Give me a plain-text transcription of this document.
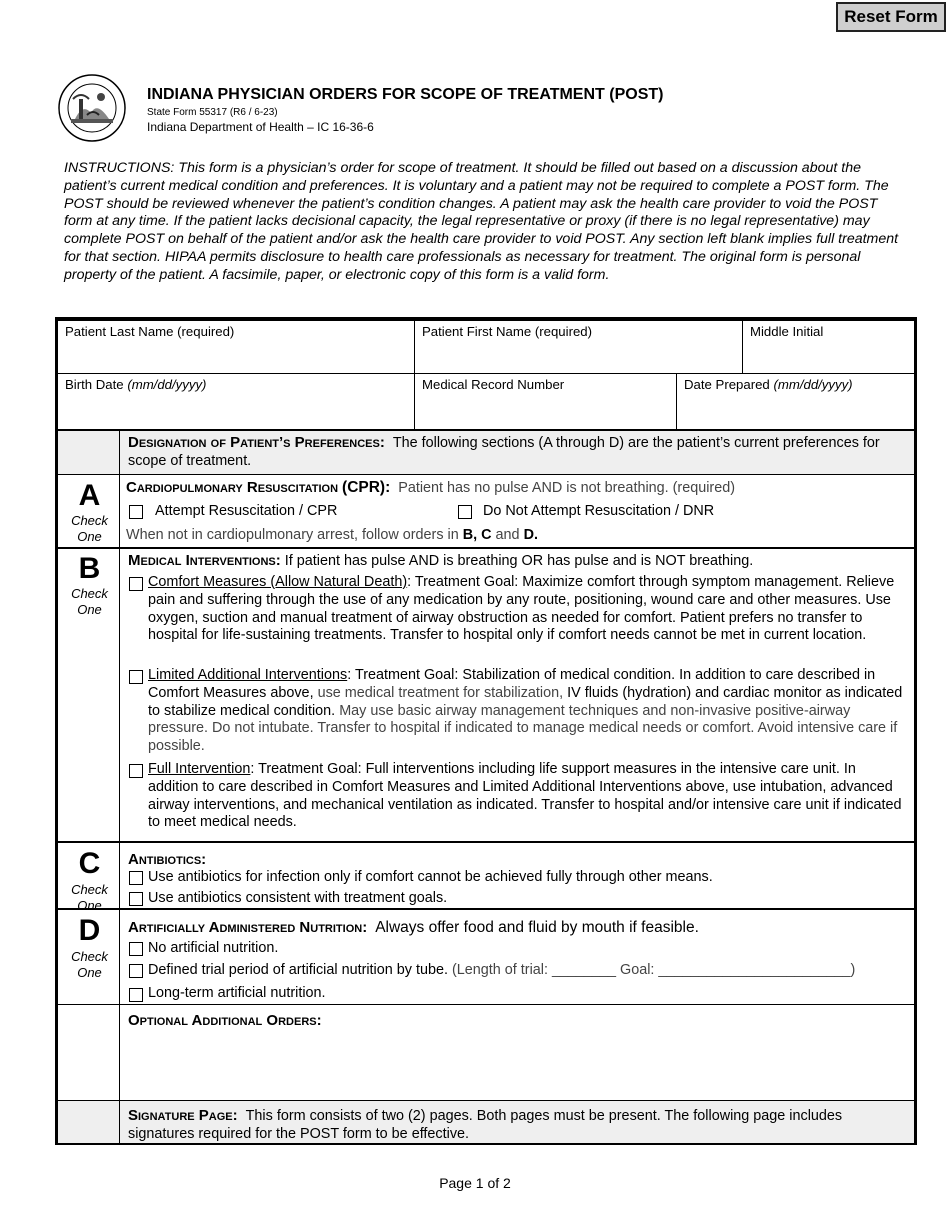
Reset Form
INDIANA PHYSICIAN ORDERS FOR SCOPE OF TREATMENT (POST)
State Form 55317 (R6 / 6-23)
Indiana Department of Health – IC 16-36-6

INSTRUCTIONS: This form is a physician’s order for scope of treatment. It should be filled out based on a discussion about the patient’s current medical condition and preferences. It is voluntary and a patient may not be required to complete a POST form. The POST should be reviewed whenever the patient’s condition changes. A patient may ask the health care provider to void the POST form at any time. If the patient lacks decisional capacity, the legal representative or proxy (if there is no legal representative) may complete POST on behalf of the patient and/or ask the health care provider to void POST. Any section left blank implies full treatment for that section. HIPAA permits disclosure to health care professionals as necessary for treatment. The original form is personal property of the patient. A facsimile, paper, or electronic copy of this form is a valid form.

Patient Last Name (required)	Patient First Name (required)	Middle Initial
Birth Date (mm/dd/yyyy)	Medical Record Number	Date Prepared (mm/dd/yyyy)
Designation of Patient’s Preferences: The following sections (A through D) are the patient’s current preferences for scope of treatment.
A
Check One
Cardiopulmonary Resuscitation (CPR): Patient has no pulse AND is not breathing. (required)
Attempt Resuscitation / CPR	Do Not Attempt Resuscitation / DNR
When not in cardiopulmonary arrest, follow orders in B, C and D.
B
Check One
Medical Interventions: If patient has pulse AND is breathing OR has pulse and is NOT breathing.
Comfort Measures (Allow Natural Death): Treatment Goal: Maximize comfort through symptom management. Relieve pain and suffering through the use of any medication by any route, positioning, wound care and other measures. Use oxygen, suction and manual treatment of airway obstruction as needed for comfort. Patient prefers no transfer to hospital for life-sustaining treatments. Transfer to hospital only if comfort needs cannot be met in current location.
Limited Additional Interventions: Treatment Goal: Stabilization of medical condition. In addition to care described in Comfort Measures above, use medical treatment for stabilization, IV fluids (hydration) and cardiac monitor as indicated to stabilize medical condition. May use basic airway management techniques and non-invasive positive-airway pressure. Do not intubate. Transfer to hospital if indicated to manage medical needs or comfort. Avoid intensive care if possible.
Full Intervention: Treatment Goal: Full interventions including life support measures in the intensive care unit. In addition to care described in Comfort Measures and Limited Additional Interventions above, use intubation, advanced airway interventions, and mechanical ventilation as indicated. Transfer to hospital and/or intensive care unit if indicated to meet medical needs.
C
Check One
Antibiotics:
Use antibiotics for infection only if comfort cannot be achieved fully through other means.
Use antibiotics consistent with treatment goals.
D
Check One
Artificially Administered Nutrition: Always offer food and fluid by mouth if feasible.
No artificial nutrition.
Defined trial period of artificial nutrition by tube. (Length of trial: ________ Goal: ________________________)
Long-term artificial nutrition.
Optional Additional Orders:
Signature Page: This form consists of two (2) pages. Both pages must be present. The following page includes signatures required for the POST form to be effective.
Page 1 of 2
